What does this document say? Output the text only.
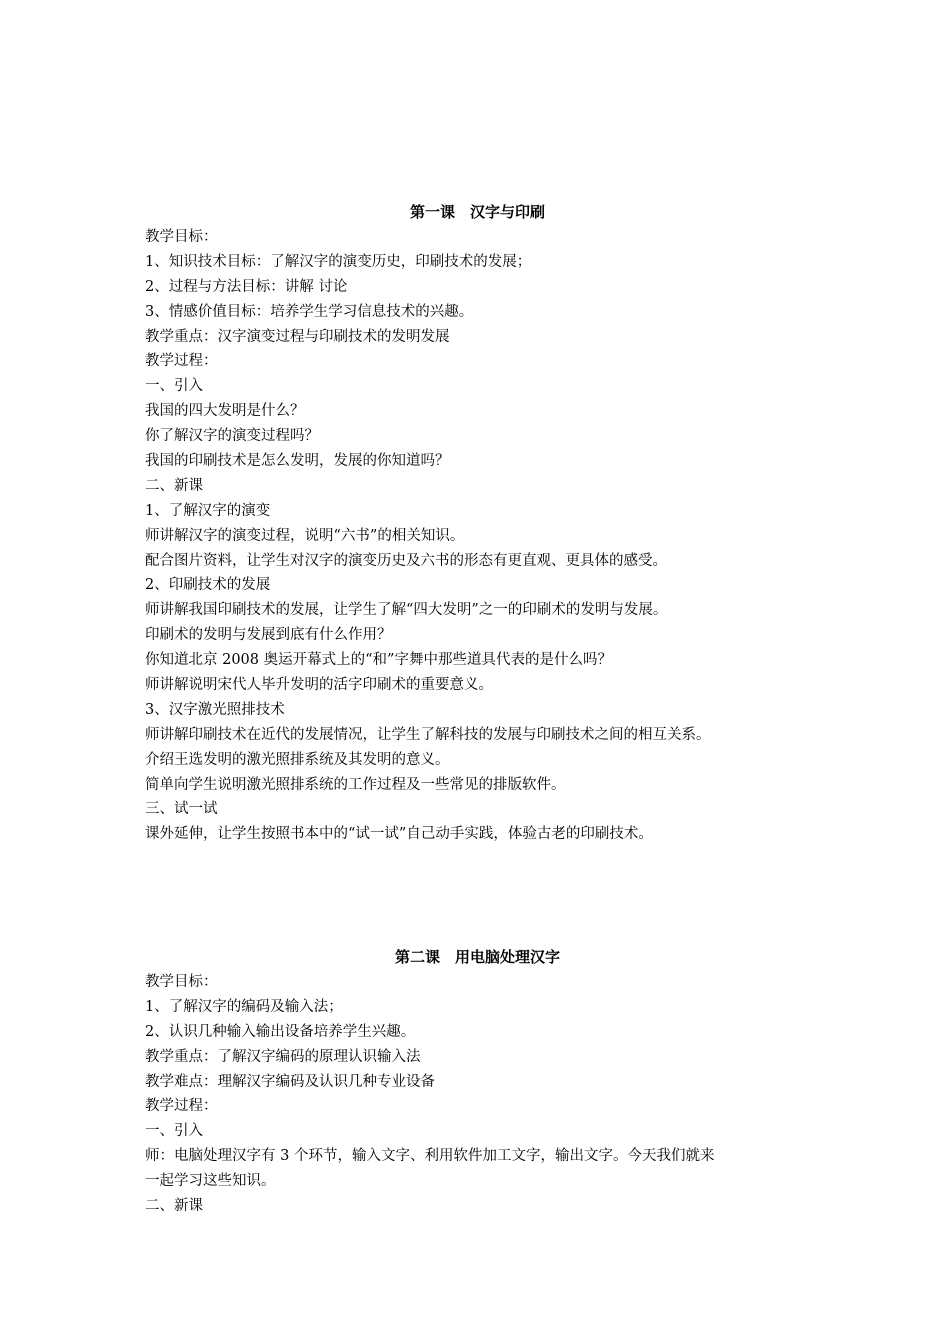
第一课　汉字与印刷

教学目标：

1、知识技术目标：了解汉字的演变历史，印刷技术的发展；

2、过程与方法目标：讲解 讨论

3、情感价值目标：培养学生学习信息技术的兴趣。

教学重点：汉字演变过程与印刷技术的发明发展

教学过程：

一、引入

我国的四大发明是什么？

你了解汉字的演变过程吗？

我国的印刷技术是怎么发明，发展的你知道吗？

二、新课

1、了解汉字的演变

师讲解汉字的演变过程，说明“六书”的相关知识。

配合图片资料，让学生对汉字的演变历史及六书的形态有更直观、更具体的感受。

2、印刷技术的发展

师讲解我国印刷技术的发展，让学生了解“四大发明”之一的印刷术的发明与发展。

印刷术的发明与发展到底有什么作用？

你知道北京 2008 奥运开幕式上的“和”字舞中那些道具代表的是什么吗？

师讲解说明宋代人毕升发明的活字印刷术的重要意义。

3、汉字激光照排技术

师讲解印刷技术在近代的发展情况，让学生了解科技的发展与印刷技术之间的相互关系。

介绍王选发明的激光照排系统及其发明的意义。

简单向学生说明激光照排系统的工作过程及一些常见的排版软件。

三、试一试

课外延伸，让学生按照书本中的“试一试”自己动手实践，体验古老的印刷技术。

第二课　用电脑处理汉字

教学目标：

1、了解汉字的编码及输入法；

2、认识几种输入输出设备培养学生兴趣。

教学重点：了解汉字编码的原理认识输入法

教学难点：理解汉字编码及认识几种专业设备

教学过程：

一、引入

师：电脑处理汉字有 3 个环节，输入文字、利用软件加工文字，输出文字。今天我们就来

一起学习这些知识。

二、新课
